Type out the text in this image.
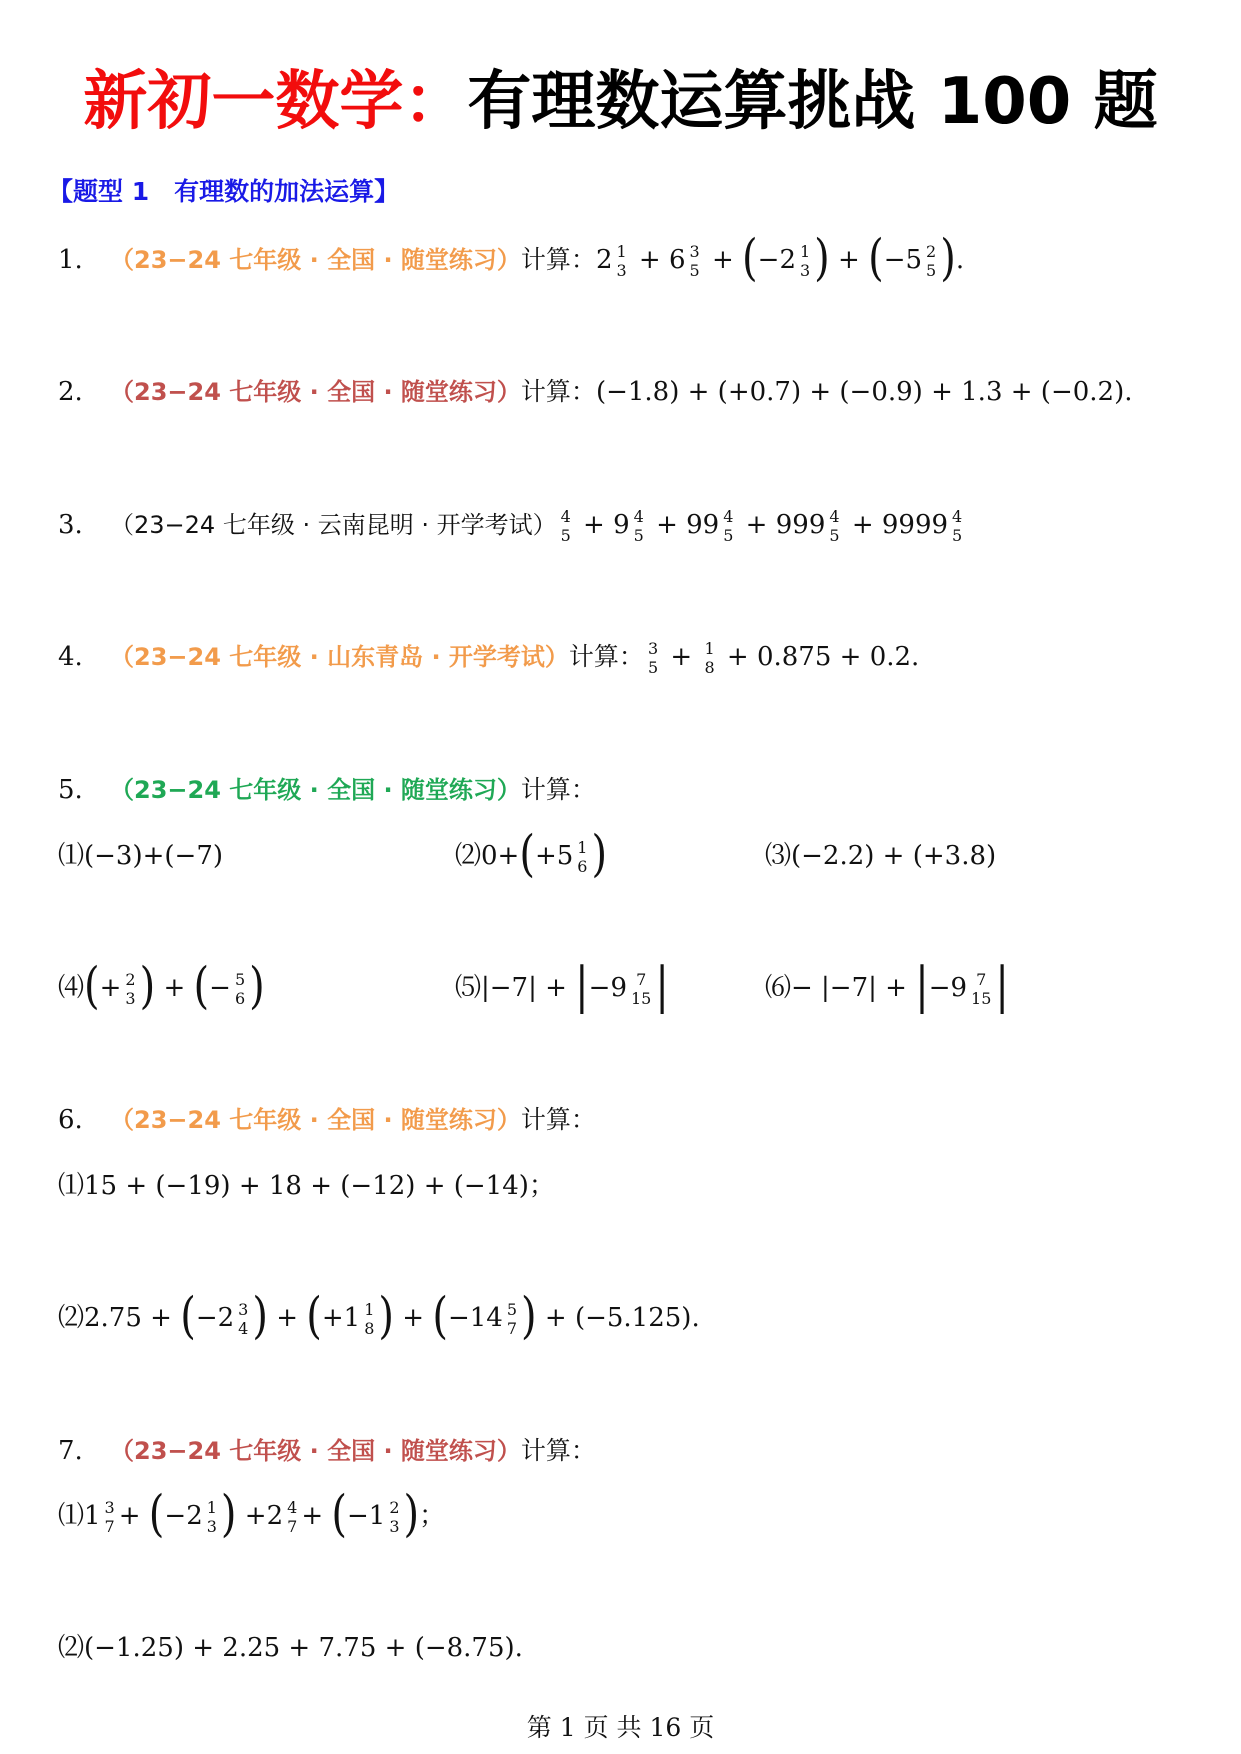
新初一数学：有理数运算挑战 100 题
【题型 1　有理数的加法运算】
1. （23−24 七年级 · 全国 · 随堂练习）计算：2 1
3 + 6 3
5 + (−2 1
3 ) + (−5 2
5 ).
2. （23−24 七年级 · 全国 · 随堂练习）计算：(−1.8) + (+0.7) + (−0.9) + 1.3 + (−0.2).
3. （23−24 七年级 · 云南昆明 · 开学考试） 4
5 + 9 4
5 + 99 4
5 + 999 4
5 + 9999 4
5
4. （23−24 七年级 · 山东青岛 · 开学考试）计算： 3
5 + 1
8 + 0.875 + 0.2.
5. （23−24 七年级 · 全国 · 随堂练习）计算：
⑴(−3)+(−7)	⑵0+(+5 1
6 )	⑶(−2.2) + (+3.8)
⑷(+ 2
3 ) + (− 5
6 )	⑸|−7| + |−9 7
15 |	⑹− |−7| + |−9 7
15 |
6. （23−24 七年级 · 全国 · 随堂练习）计算：
⑴15 + (−19) + 18 + (−12) + (−14)；
⑵2.75 + (−2 3
4 ) + (+1 1
8 ) + (−14 5
7 ) + (−5.125).
7. （23−24 七年级 · 全国 · 随堂练习）计算：
⑴1 3
7 + (−2 1
3 ) +2 4
7 + (−1 2
3 )；
⑵(−1.25) + 2.25 + 7.75 + (−8.75).
第 1 页 共 16 页
